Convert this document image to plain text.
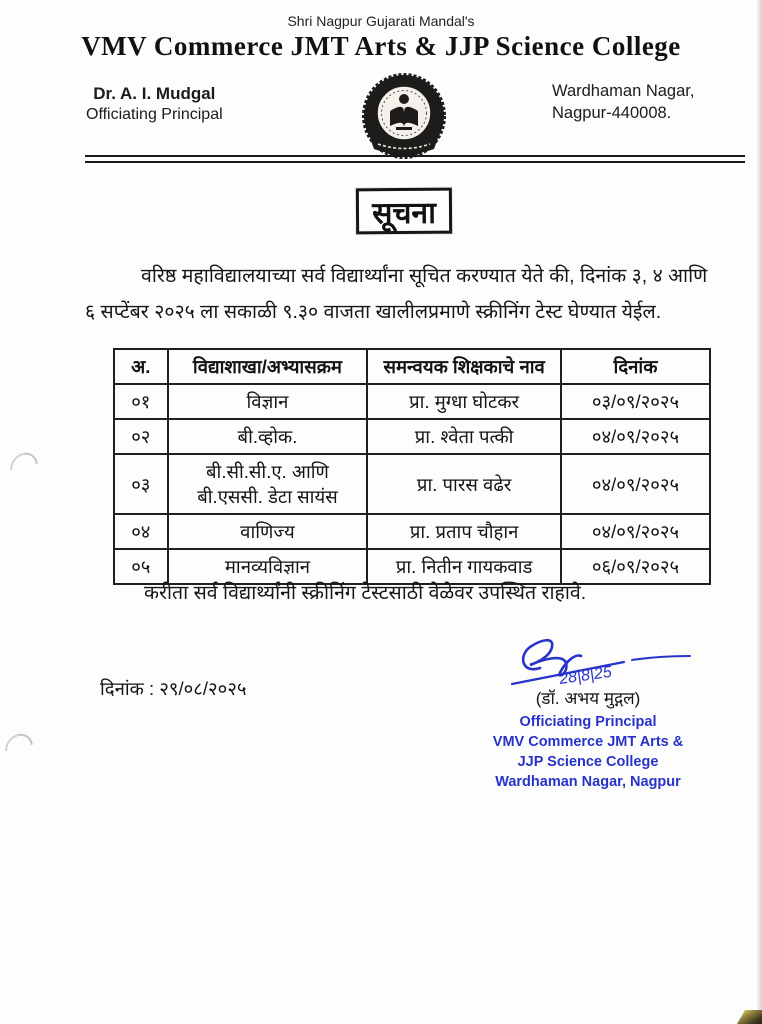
Shri Nagpur Gujarati Mandal's
VMV Commerce JMT Arts & JJP Science College
Dr. A. I. Mudgal
Officiating Principal
Wardhaman Nagar,
Nagpur-440008.
सूचना
वरिष्ठ महाविद्यालयाच्या सर्व विद्यार्थ्यांना सूचित करण्यात येते की, दिनांक ३, ४ आणि
६ सप्टेंबर २०२५ ला सकाळी ९.३० वाजता खालीलप्रमाणे स्क्रीनिंग टेस्ट घेण्यात येईल.
अ.	विद्याशाखा/अभ्यासक्रम	समन्वयक शिक्षकाचे नाव	दिनांक
०१	विज्ञान	प्रा. मुग्धा घोटकर	०३/०९/२०२५
०२	बी.व्होक.	प्रा. श्वेता पत्की	०४/०९/२०२५
०३	बी.सी.सी.ए. आणि बी.एससी. डेटा सायंस	प्रा. पारस वढेर	०४/०९/२०२५
०४	वाणिज्य	प्रा. प्रताप चौहान	०४/०९/२०२५
०५	मानव्यविज्ञान	प्रा. नितीन गायकवाड	०६/०९/२०२५
करीता सर्व विद्यार्थ्यांनी स्क्रीनिंग टेस्टसाठी वेळेवर उपस्थित राहावे.
दिनांक : २९/०८/२०२५
28|8|25
(डॉ. अभय मुद्गल)
Officiating Principal
VMV Commerce JMT Arts &
JJP Science College
Wardhaman Nagar, Nagpur
